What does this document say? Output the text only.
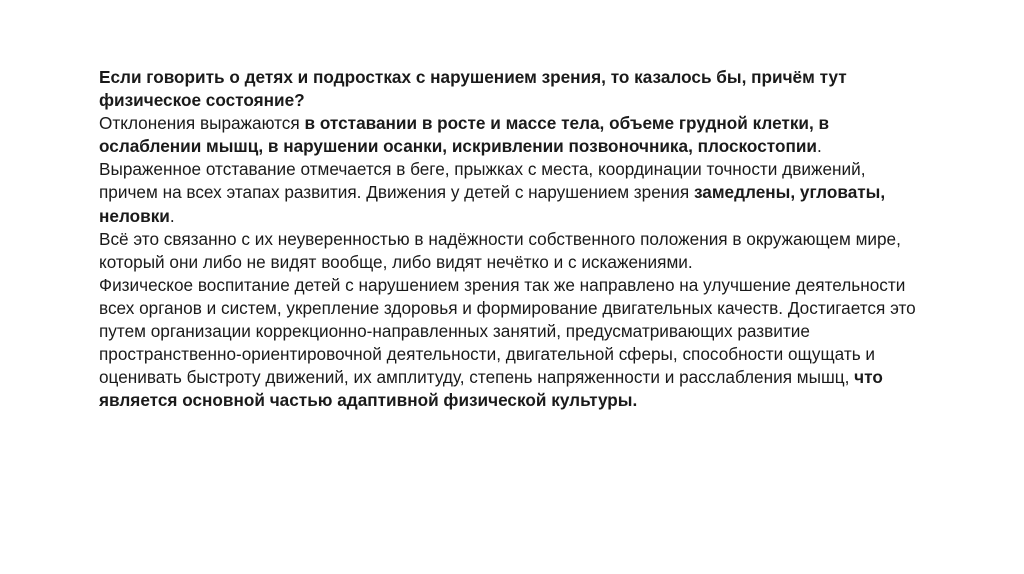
Если говорить о детях и подростках с нарушением зрения, то казалось бы, причём тут физическое состояние?

Отклонения выражаются в отставании в росте и массе тела, объеме грудной клетки, в ослаблении мышц, в нарушении осанки, искривлении позвоночника, плоскостопии.

Выраженное отставание отмечается в беге, прыжках с места, координации точности движений, причем на всех этапах развития. Движения у детей с нарушением зрения замедлены, угловаты, неловки.

Всё это связанно с их неуверенностью в надёжности собственного положения в окружающем мире, который они либо не видят вообще, либо видят нечётко и с искажениями.

Физическое воспитание детей с нарушением зрения так же направлено на улучшение деятельности всех органов и систем, укрепление здоровья и формирование двигательных качеств. Достигается это путем организации коррекционно-направленных занятий, предусматривающих развитие пространственно-ориентировочной деятельности, двигательной сферы, способности ощущать и оценивать быстроту движений, их амплитуду, степень напряженности и расслабления мышц, что является основной частью адаптивной физической культуры.
